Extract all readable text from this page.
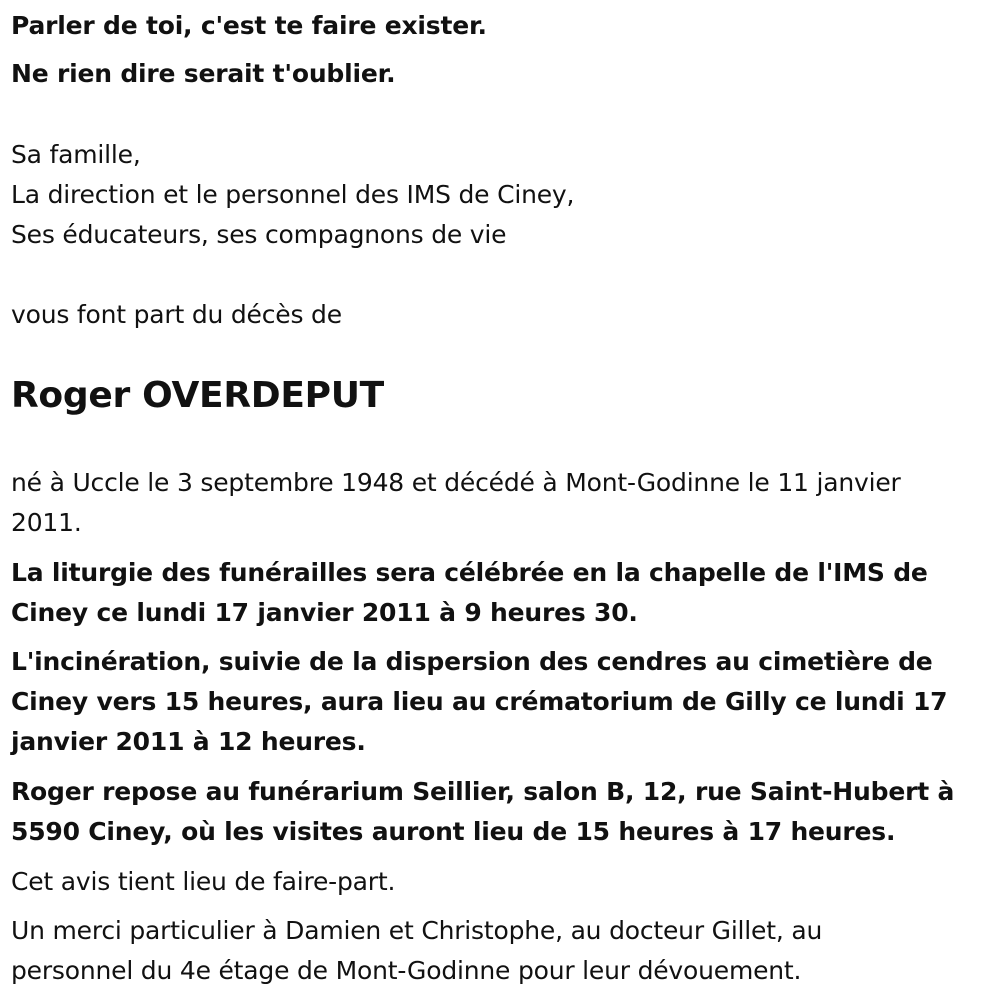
Parler de toi, c'est te faire exister.

Ne rien dire serait t'oublier.

Sa famille,
La direction et le personnel des IMS de Ciney,
Ses éducateurs, ses compagnons de vie

vous font part du décès de

Roger OVERDEPUT

né à Uccle le 3 septembre 1948 et décédé à Mont-Godinne le 11 janvier 2011.

La liturgie des funérailles sera célébrée en la chapelle de l'IMS de Ciney ce lundi 17 janvier 2011 à 9 heures 30.

L'incinération, suivie de la dispersion des cendres au cimetière de Ciney vers 15 heures, aura lieu au crématorium de Gilly ce lundi 17 janvier 2011 à 12 heures.

Roger repose au funérarium Seillier, salon B, 12, rue Saint-Hubert à 5590 Ciney, où les visites auront lieu de 15 heures à 17 heures.

Cet avis tient lieu de faire-part.

Un merci particulier à Damien et Christophe, au docteur Gillet, au personnel du 4e étage de Mont-Godinne pour leur dévouement.
